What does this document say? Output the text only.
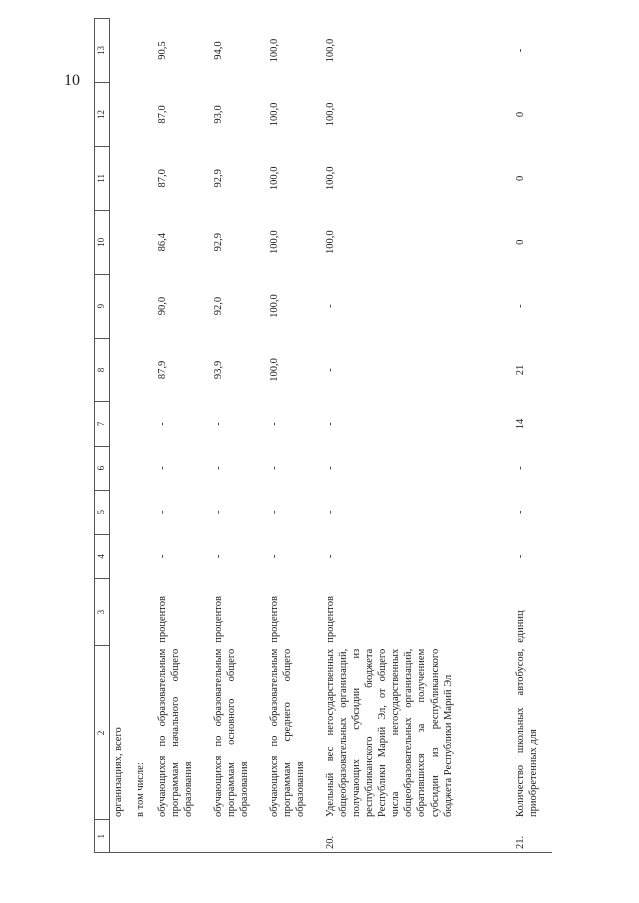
10
1	2	3	4	5	6	7	8	9	10	11	12	13
	организациях, всего											
	в том числе:											
	обучающихся по образовательным программам начального общего образования	процентов	-	-	-	-	87,9	90,0	86,4	87,0	87,0	90,5
	обучающихся по образовательным программам основного общего образования	процентов	-	-	-	-	93,9	92,0	92,9	92,9	93,0	94,0
	обучающихся по образовательным программам среднего общего образования	процентов	-	-	-	-	100,0	100,0	100,0	100,0	100,0	100,0
20.	Удельный вес негосударственных общеобразовательных организаций, получающих субсидии из республиканского бюджета Республики Марий Эл, от общего числа негосударственных общеобразовательных организаций, обратившихся за получением субсидии из республиканского бюджета Республики Марий Эл	процентов	-	-	-	-	-	-	100,0	100,0	100,0	100,0
21.	Количество школьных автобусов, приобретенных для	единиц	-	-	-	14	21	-	0	0	0	-
